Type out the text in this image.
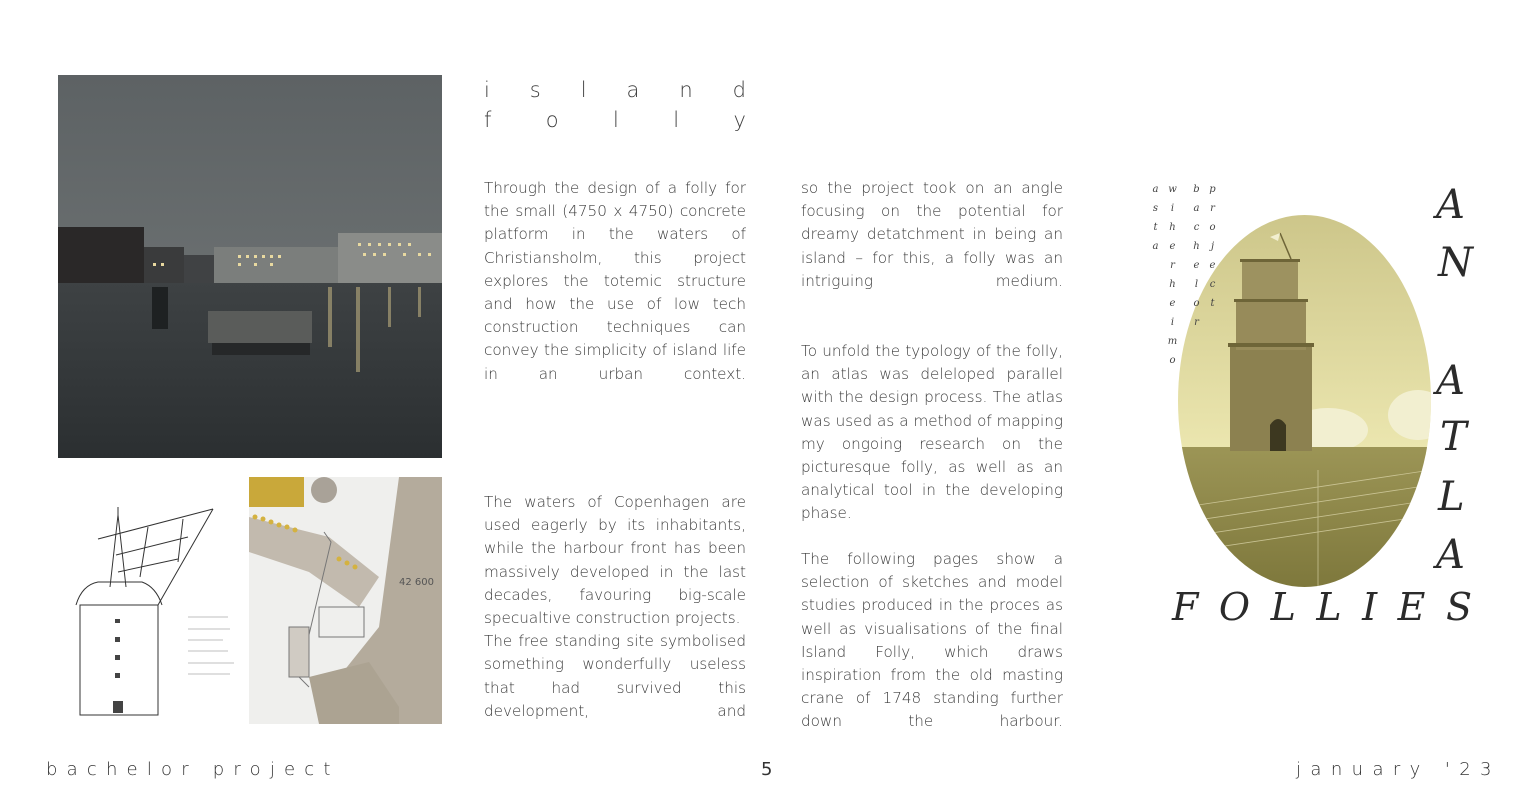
42 600
i s l a n d
f	o	l	l	y

Through the design of a folly for the small (4750 x 4750) concrete platform in the waters of Christiansholm, this project explores the totemic structure and how the use of low tech construction techniques can convey the simplicity of island life in an urban context.

The waters of Copenhagen are used eagerly by its inhabitants, while the harbour front has been massively developed in the last decades, favouring big-scale specualtive construction projects.

The free standing site symbolised something wonderfully useless that had survived this development, and

so the project took on an angle focusing on the potential for dreamy detatchment in being an island – for this, a folly was an intriguing medium.

To unfold the typology of the folly, an atlas was deleloped parallel with the design process. The atlas was used as a method of mapping my ongoing research on the picturesque folly, as well as an analytical tool in the developing phase.

The following pages show a selection of sketches and model studies produced in the proces as well as visualisations of the final Island Folly, which draws inspiration from the old masting crane of 1748 standing further down the harbour.

asta wiherheimo	bachelor project	A
N
A
T
L
A
F O L L I E S
bachelor project	5	january '23
